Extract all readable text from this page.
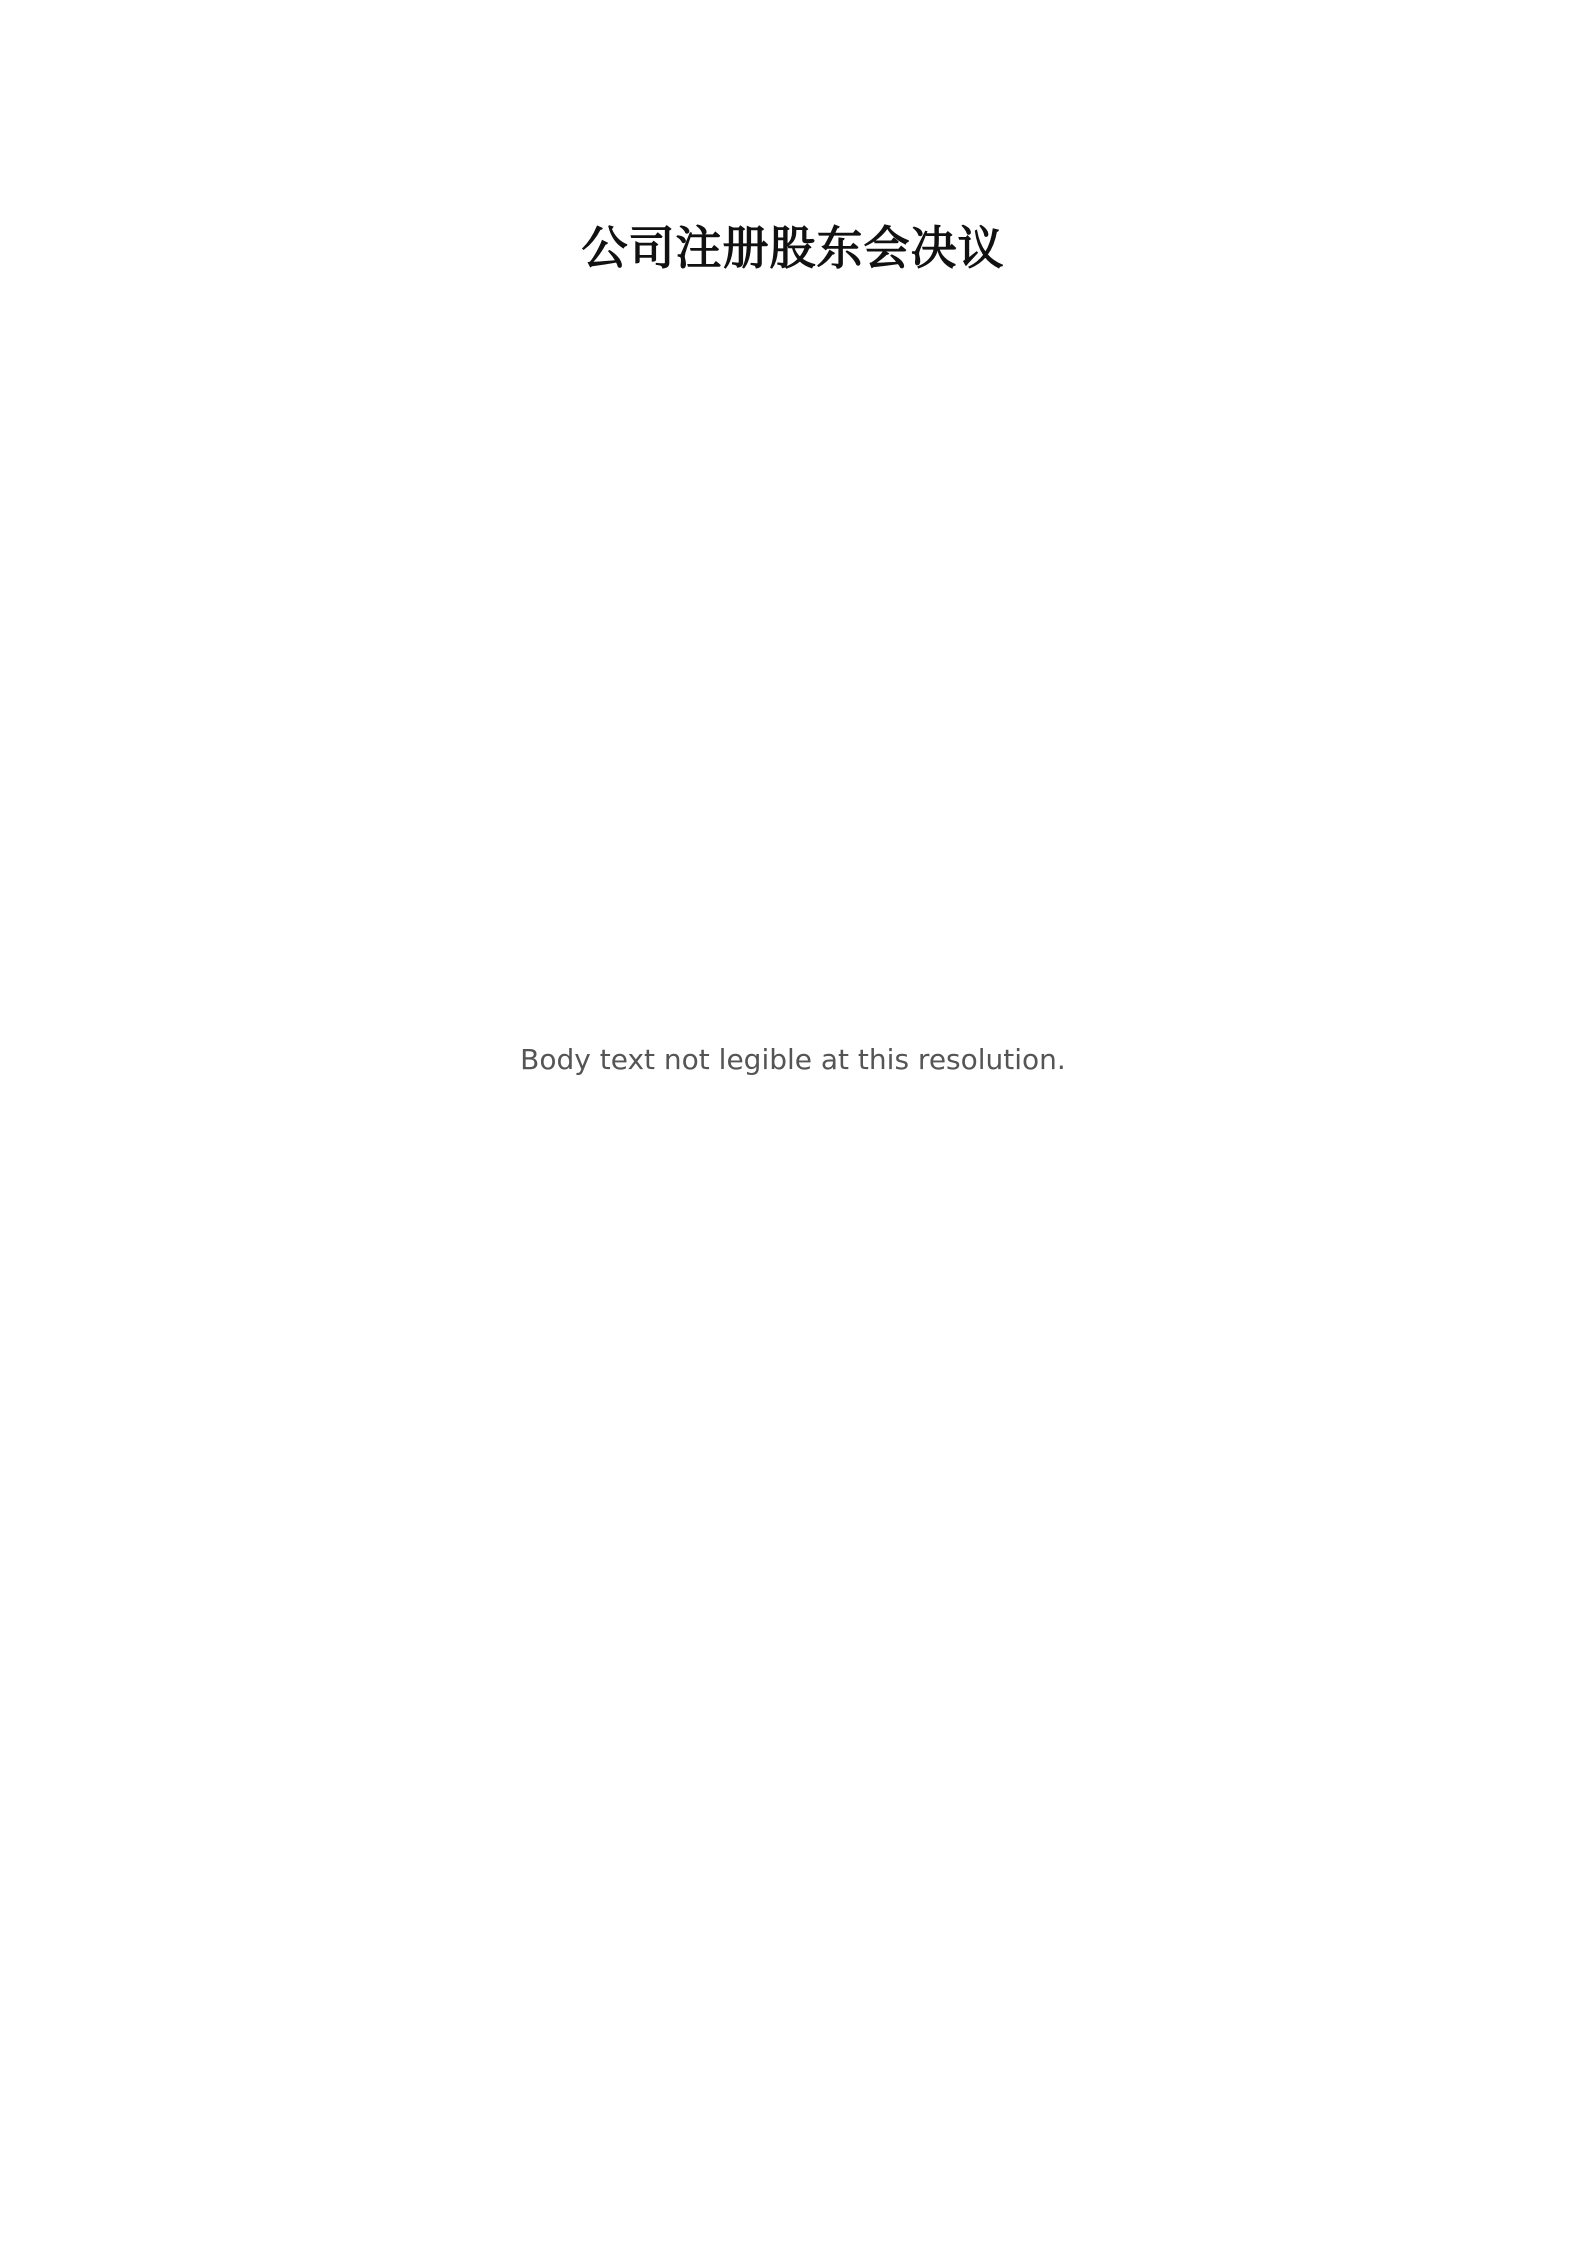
公司注册股东会决议
Body text not legible at this resolution.
